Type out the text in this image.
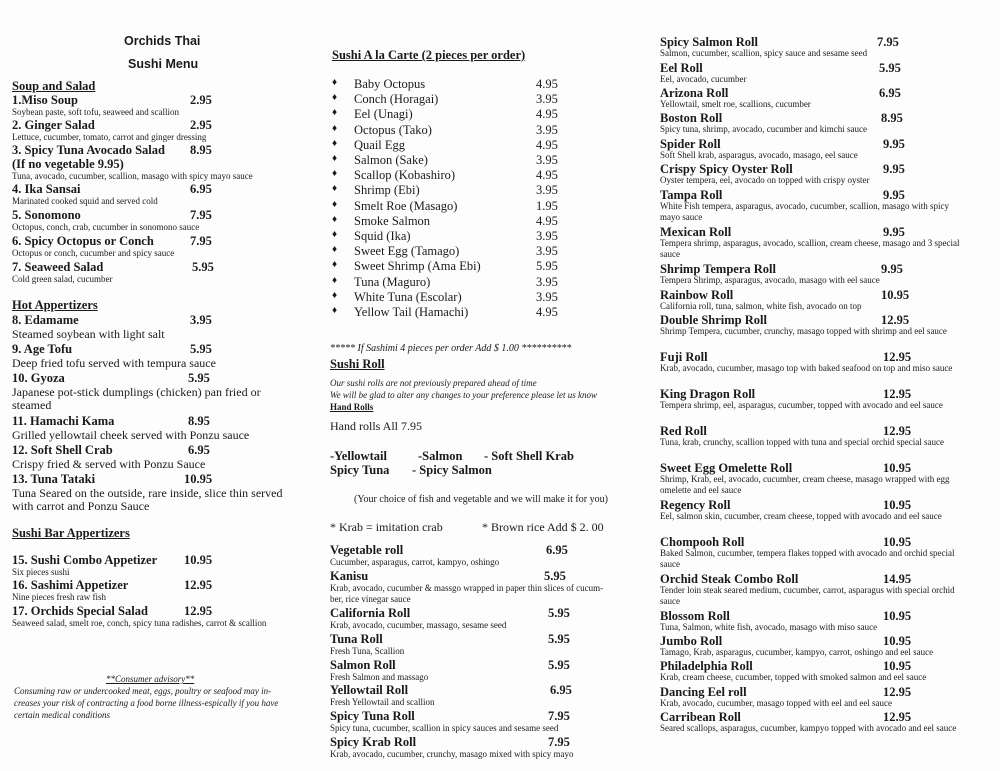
Orchids Thai
Sushi Menu
Soup and Salad
1.Miso Soup	2.95
Soybean paste, soft tofu, seaweed and scallion
2. Ginger Salad	2.95
Lettuce, cucumber, tomato, carrot and ginger dressing
3. Spicy Tuna Avocado Salad 8.95
(If no vegetable 9.95)
Tuna, avocado, cucumber, scallion, masago with spicy mayo sauce
4. Ika Sansai	6.95
Marinated cooked squid and served cold
5. Sonomono	7.95
Octopus, conch, crab, cucumber in sonomono sauce
6. Spicy Octopus or Conch	7.95
Octopus or conch, cucumber and spicy sauce
7. Seaweed Salad	5.95
Cold green salad, cucumber
Hot Appertizers
8. Edamame	3.95
Steamed soybean with light salt
9. Age Tofu	5.95
Deep fried tofu served with tempura sauce
10. Gyoza	5.95
Japanese pot-stick dumplings (chicken) pan fried or
steamed
11. Hamachi Kama	8.95
Grilled yellowtail cheek served with Ponzu sauce
12. Soft Shell Crab	6.95
Crispy fried & served with Ponzu Sauce
13. Tuna Tataki	10.95
Tuna Seared on the outside, rare inside, slice thin served
with carrot and Ponzu Sauce
Sushi Bar Appertizers
15. Sushi Combo Appetizer 10.95
Six pieces sushi
16. Sashimi Appetizer	12.95
Nine pieces fresh raw fish
17. Orchids Special Salad	12.95
Seaweed salad, smelt roe, conch, spicy tuna radishes, carrot & scallion
**Consumer advisory**
Consuming raw or undercooked meat, eggs, poultry or seafood may in-
creases your risk of contracting a food borne illness-espically if you have
certain medical conditions
Sushi A la Carte (2 pieces per order)
♦ Baby Octopus	4.95
♦ Conch (Horagai)	3.95
♦ Eel (Unagi)	4.95
♦ Octopus (Tako)	3.95
♦ Quail Egg	4.95
♦ Salmon (Sake)	3.95
♦ Scallop (Kobashiro)	4.95
♦ Shrimp (Ebi)	3.95
♦ Smelt Roe (Masago)	1.95
♦ Smoke Salmon	4.95
♦ Squid (Ika)	3.95
♦ Sweet Egg (Tamago)	3.95
♦ Sweet Shrimp (Ama Ebi)	5.95
♦ Tuna (Maguro)	3.95
♦ White Tuna (Escolar)	3.95
♦ Yellow Tail (Hamachi)	4.95
***** If Sashimi 4 pieces per order Add $ 1.00 **********
Sushi Roll
Our sushi rolls are not previously prepared ahead of time
We will be glad to alter any changes to your preference please let us know
Hand Rolls
Hand rolls All 7.95
-Yellowtail -Salmon - Soft Shell Krab
Spicy Tuna - Spicy Salmon
(Your choice of fish and vegetable and we will make it for you)
* Krab = imitation crab	* Brown rice Add $ 2. 00
Vegetable roll	6.95
Cucumber, asparagus, carrot, kampyo, oshingo
Kanisu	5.95
Krab, avocado, cucumber & massgo wrapped in paper thin slices of cucum-
ber, rice vinegar sauce
California Roll	5.95
Krab, avocado, cucumber, massago, sesame seed
Tuna Roll	5.95
Fresh Tuna, Scallion
Salmon Roll	5.95
Fresh Salmon and massago
Yellowtail Roll	6.95
Fresh Yellowtail and scallion
Spicy Tuna Roll	7.95
Spicy tuna, cucumber, scallion in spicy sauces and sesame seed
Spicy Krab Roll	7.95
Krab, avocado, cucumber, crunchy, masago mixed with spicy mayo
Spicy Salmon Roll	7.95
Salmon, cucumber, scallion, spicy sauce and sesame seed
Eel Roll	5.95
Eel, avocado, cucumber
Arizona Roll	6.95
Yellowtail, smelt roe, scallions, cucumber
Boston Roll	8.95
Spicy tuna, shrimp, avocado, cucumber and kimchi sauce
Spider Roll	9.95
Soft Shell krab, asparagus, avocado, masago, eel sauce
Crispy Spicy Oyster Roll	9.95
Oyster tempera, eel, avocado on topped with crispy oyster
Tampa Roll	9.95
White Fish tempera, asparagus, avocado, cucumber, scallion, masago with spicy mayo sauce
Mexican Roll	9.95
Tempera shrimp, asparagus, avocado, scallion, cream cheese, masago and 3 special sauce
Shrimp Tempera Roll	9.95
Tempera Shrimp, asparagus, avocado, masago with eel sauce
Rainbow Roll	10.95
California roll, tuna, salmon, white fish, avocado on top
Double Shrimp Roll	12.95
Shrimp Tempera, cucumber, crunchy, masago topped with shrimp and eel sauce
Fuji Roll	12.95
Krab, avocado, cucumber, masago top with baked seafood on top and miso sauce
King Dragon Roll	12.95
Tempera shrimp, eel, asparagus, cucumber, topped with avocado and eel sauce
Red Roll	12.95
Tuna, krab, crunchy, scallion topped with tuna and special orchid special sauce
Sweet Egg Omelette Roll	10.95
Shrimp, Krab, eel, avocado, cucumber, cream cheese, masago wrapped with egg omelette and eel sauce
Regency Roll	10.95
Eel, salmon skin, cucumber, cream cheese, topped with avocado and eel sauce
Chompooh Roll	10.95
Baked Salmon, cucumber, tempera flakes topped with avocado and orchid special sauce
Orchid Steak Combo Roll	14.95
Tender loin steak seared medium, cucumber, carrot, asparagus with special orchid sauce
Blossom Roll	10.95
Tuna, Salmon, white fish, avocado, masago with miso sauce
Jumbo Roll	10.95
Tamago, Krab, asparagus, cucumber, kampyo, carrot, oshingo and eel sauce
Philadelphia Roll	10.95
Krab, cream cheese, cucumber, topped with smoked salmon and eel sauce
Dancing Eel roll	12.95
Krab, avocado, cucumber, masago topped with eel and eel sauce
Carribean Roll	12.95
Seared scallops, asparagus, cucumber, kampyo topped with avocado and eel sauce
